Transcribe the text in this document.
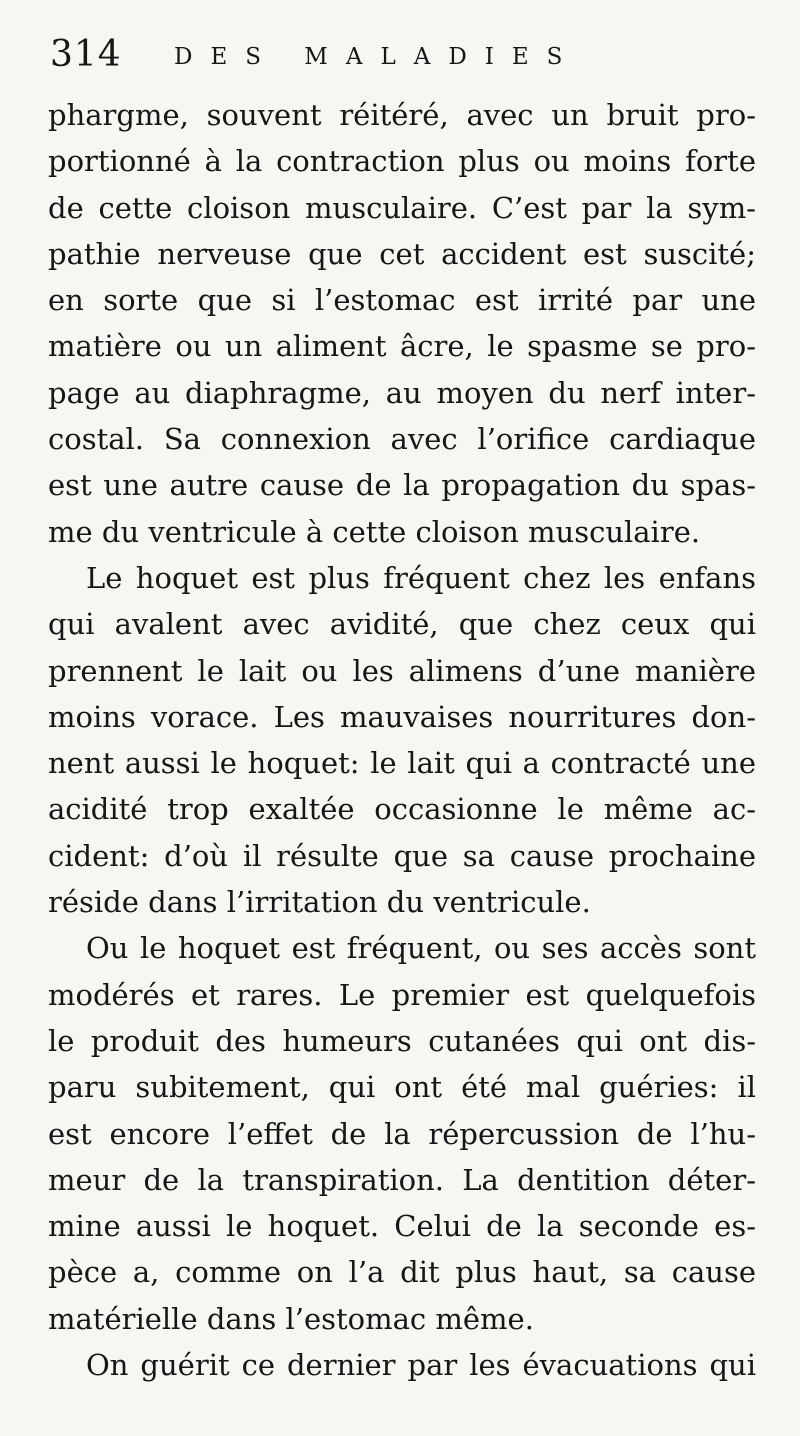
314 DES MALADIES
phargme, souvent réitéré, avec un bruit pro-
portionné à la contraction plus ou moins forte
de cette cloison musculaire. C’est par la sym-
pathie nerveuse que cet accident est suscité;
en sorte que si l’estomac est irrité par une
matière ou un aliment âcre, le spasme se pro-
page au diaphragme, au moyen du nerf inter-
costal. Sa connexion avec l’orifice cardiaque
est une autre cause de la propagation du spas-
me du ventricule à cette cloison musculaire.
Le hoquet est plus fréquent chez les enfans
qui avalent avec avidité, que chez ceux qui
prennent le lait ou les alimens d’une manière
moins vorace. Les mauvaises nourritures don-
nent aussi le hoquet: le lait qui a contracté une
acidité trop exaltée occasionne le même ac-
cident: d’où il résulte que sa cause prochaine
réside dans l’irritation du ventricule.
Ou le hoquet est fréquent, ou ses accès sont
modérés et rares. Le premier est quelquefois
le produit des humeurs cutanées qui ont dis-
paru subitement, qui ont été mal guéries: il
est encore l’effet de la répercussion de l’hu-
meur de la transpiration. La dentition déter-
mine aussi le hoquet. Celui de la seconde es-
pèce a, comme on l’a dit plus haut, sa cause
matérielle dans l’estomac même.
On guérit ce dernier par les évacuations qui
